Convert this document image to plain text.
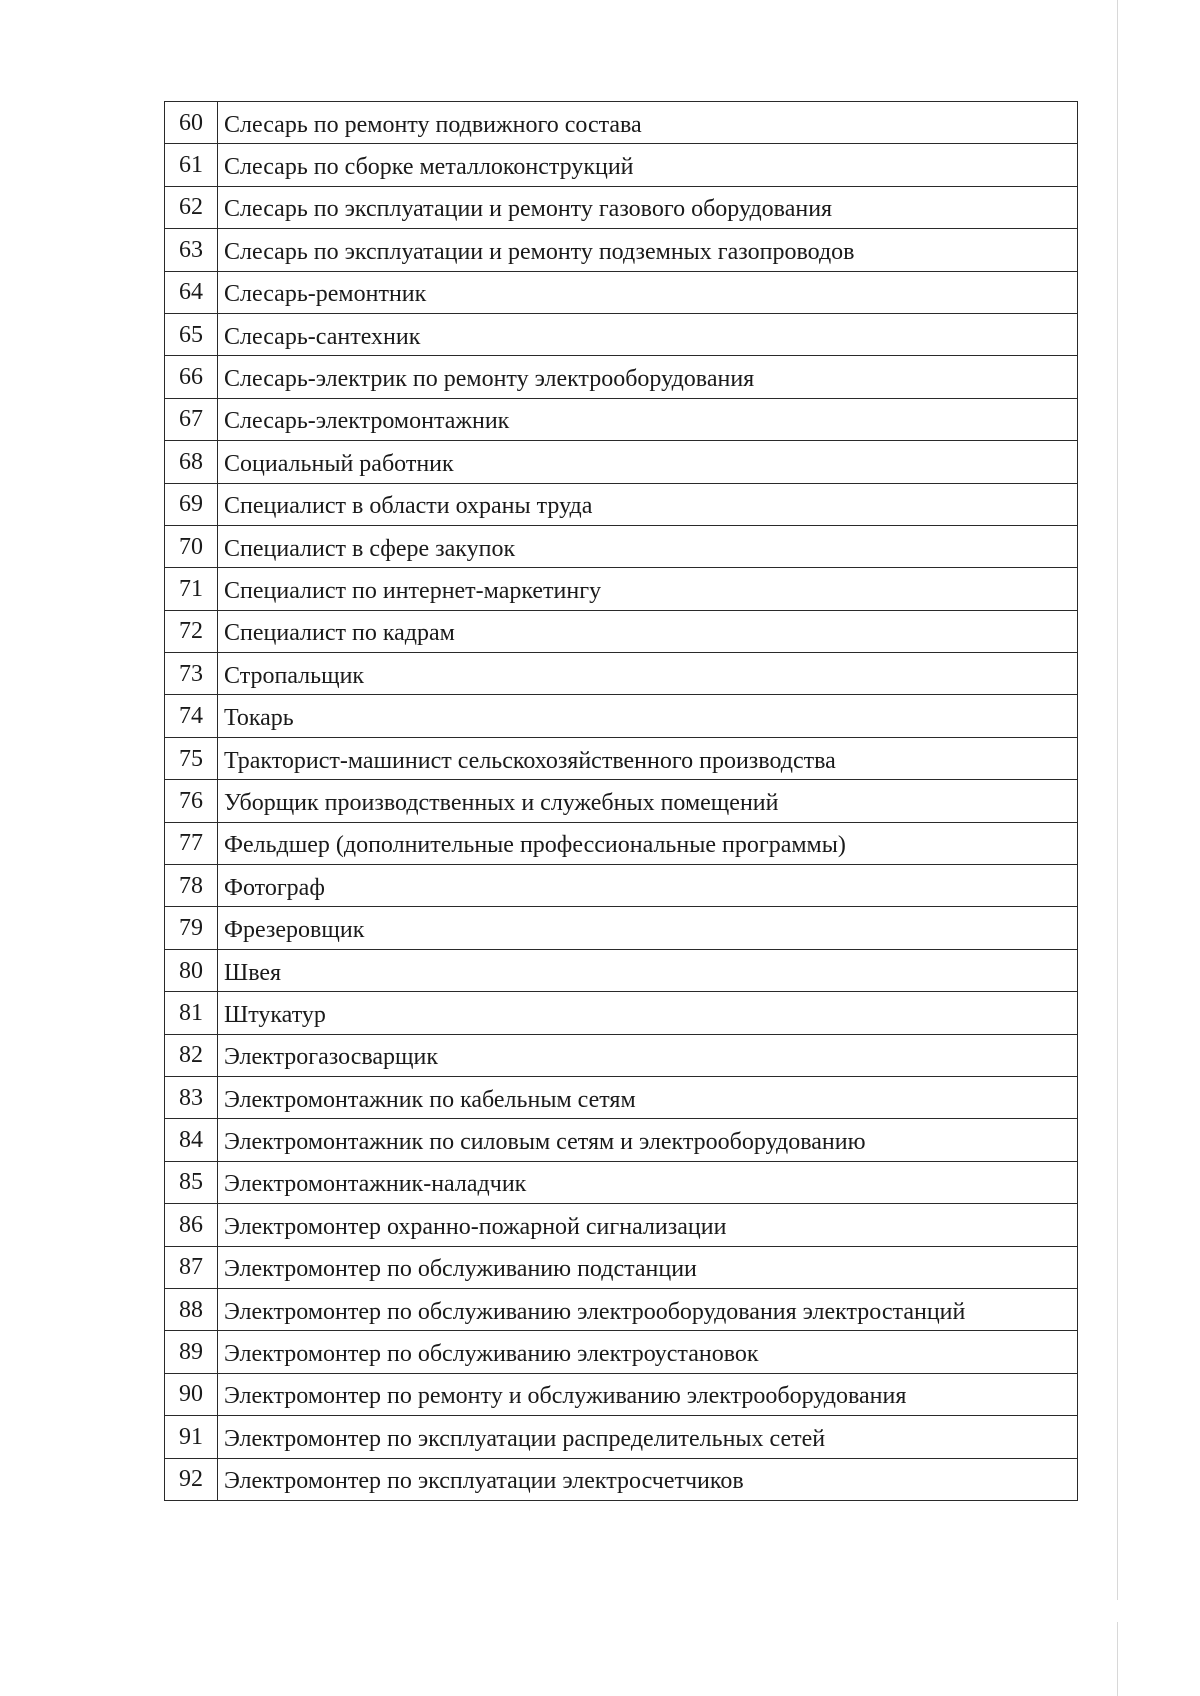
60	Слесарь по ремонту подвижного состава
61	Слесарь по сборке металлоконструкций
62	Слесарь по эксплуатации и ремонту газового оборудования
63	Слесарь по эксплуатации и ремонту подземных газопроводов
64	Слесарь-ремонтник
65	Слесарь-сантехник
66	Слесарь-электрик по ремонту электрооборудования
67	Слесарь-электромонтажник
68	Социальный работник
69	Специалист в области охраны труда
70	Специалист в сфере закупок
71	Специалист по интернет-маркетингу
72	Специалист по кадрам
73	Стропальщик
74	Токарь
75	Тракторист-машинист сельскохозяйственного производства
76	Уборщик производственных и служебных помещений
77	Фельдшер (дополнительные профессиональные программы)
78	Фотограф
79	Фрезеровщик
80	Швея
81	Штукатур
82	Электрогазосварщик
83	Электромонтажник по кабельным сетям
84	Электромонтажник по силовым сетям и электрооборудованию
85	Электромонтажник-наладчик
86	Электромонтер охранно-пожарной сигнализации
87	Электромонтер по обслуживанию подстанции
88	Электромонтер по обслуживанию электрооборудования электростанций
89	Электромонтер по обслуживанию электроустановок
90	Электромонтер по ремонту и обслуживанию электрооборудования
91	Электромонтер по эксплуатации распределительных сетей
92	Электромонтер по эксплуатации электросчетчиков
